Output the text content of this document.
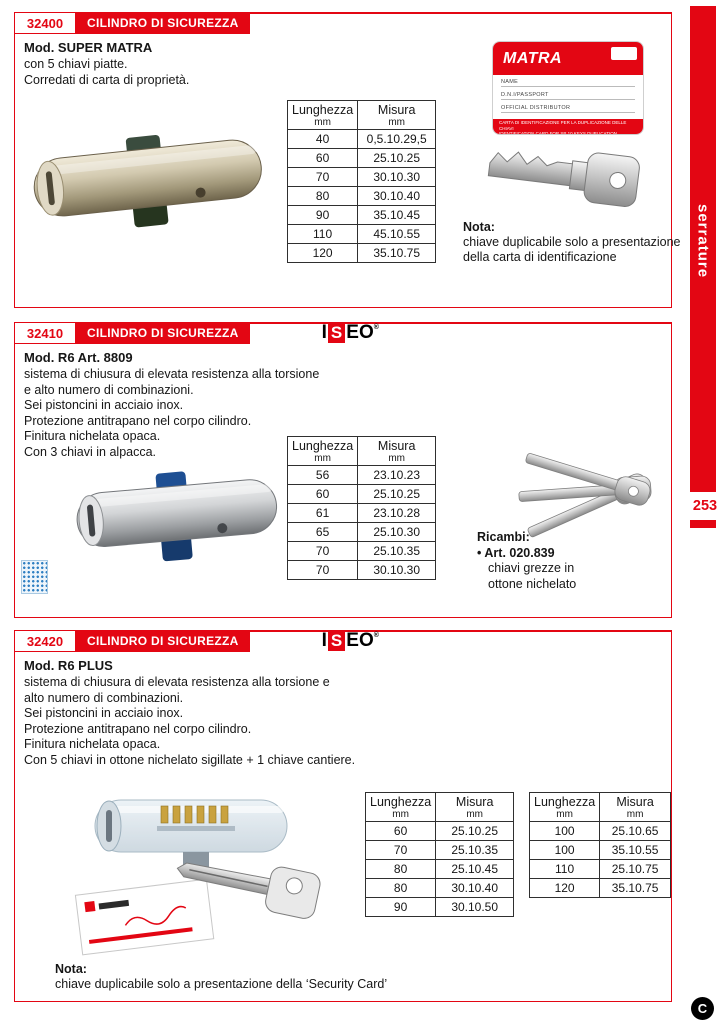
32400	CILINDRO DI SICUREZZA
Mod. SUPER MATRA
con 5 chiavi piatte.
Corredati di carta di proprietà.
Lunghezza
mm

Misura
mm

40	0,5.10.29,5
60	25.10.25
70	30.10.30
80	30.10.40
90	35.10.45
110	45.10.55
120	35.10.75
MATRA
NAME
D.N.I/PASSPORT
OFFICIAL DISTRIBUTOR
CARTA DI IDENTIFICAZIONE PER LA DUPLICAZIONE DELLE CHIAVI
IDENTIFICATION CARD FOR SP 10 KEYS DUPLICATION
Nota:
chiave duplicabile solo a presentazione
della carta di identificazione
32410	CILINDRO DI SICUREZZA	I S EO ®
Mod. R6 Art. 8809
sistema di chiusura di elevata resistenza alla torsione
e alto numero di combinazioni.
Sei pistoncini in acciaio inox.
Protezione antitrapano nel corpo cilindro.
Finitura nichelata opaca.
Con 3 chiavi in alpacca.	Lunghezza
mm

Misura
mm

56	23.10.23
60	25.10.25
61	23.10.28
65	25.10.30
70	25.10.35
70	30.10.30
Ricambi:
• Art. 020.839
chiavi grezze in
ottone nichelato
32420	CILINDRO DI SICUREZZA	I S EO ®
Mod. R6 PLUS
sistema di chiusura di elevata resistenza alla torsione e
alto numero di combinazioni.
Sei pistoncini in acciaio inox.
Protezione antitrapano nel corpo cilindro.
Finitura nichelata opaca.
Con 5 chiavi in ottone nichelato sigillate + 1 chiave cantiere.
Lunghezza
mm

Misura
mm

60	25.10.25
70	25.10.35
80	25.10.45
80	30.10.40
90	30.10.50
Lunghezza
mm

Misura
mm

100	25.10.65
100	35.10.55
110	25.10.75
120	35.10.75
Nota:
chiave duplicabile solo a presentazione della ‘Security Card’
serrature
253
C
